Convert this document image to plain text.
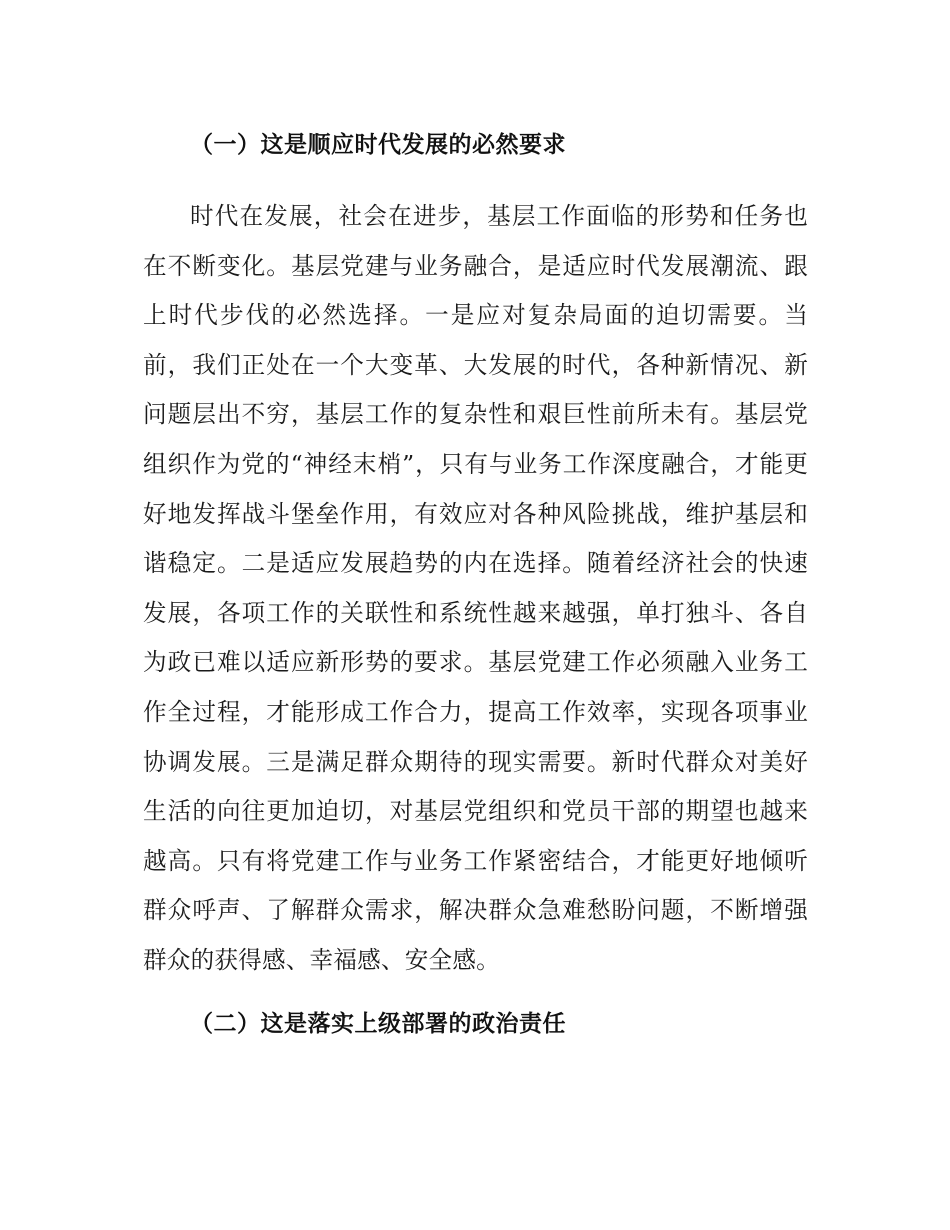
（一）这是顺应时代发展的必然要求

时代在发展，社会在进步，基层工作面临的形势和任务也在不断变化。基层党建与业务融合，是适应时代发展潮流、跟上时代步伐的必然选择。一是应对复杂局面的迫切需要。当前，我们正处在一个大变革、大发展的时代，各种新情况、新问题层出不穷，基层工作的复杂性和艰巨性前所未有。基层党组织作为党的“神经末梢”，只有与业务工作深度融合，才能更好地发挥战斗堡垒作用，有效应对各种风险挑战，维护基层和谐稳定。二是适应发展趋势的内在选择。随着经济社会的快速发展，各项工作的关联性和系统性越来越强，单打独斗、各自为政已难以适应新形势的要求。基层党建工作必须融入业务工作全过程，才能形成工作合力，提高工作效率，实现各项事业协调发展。三是满足群众期待的现实需要。新时代群众对美好生活的向往更加迫切，对基层党组织和党员干部的期望也越来越高。只有将党建工作与业务工作紧密结合，才能更好地倾听群众呼声、了解群众需求，解决群众急难愁盼问题，不断增强群众的获得感、幸福感、安全感。

（二）这是落实上级部署的政治责任
